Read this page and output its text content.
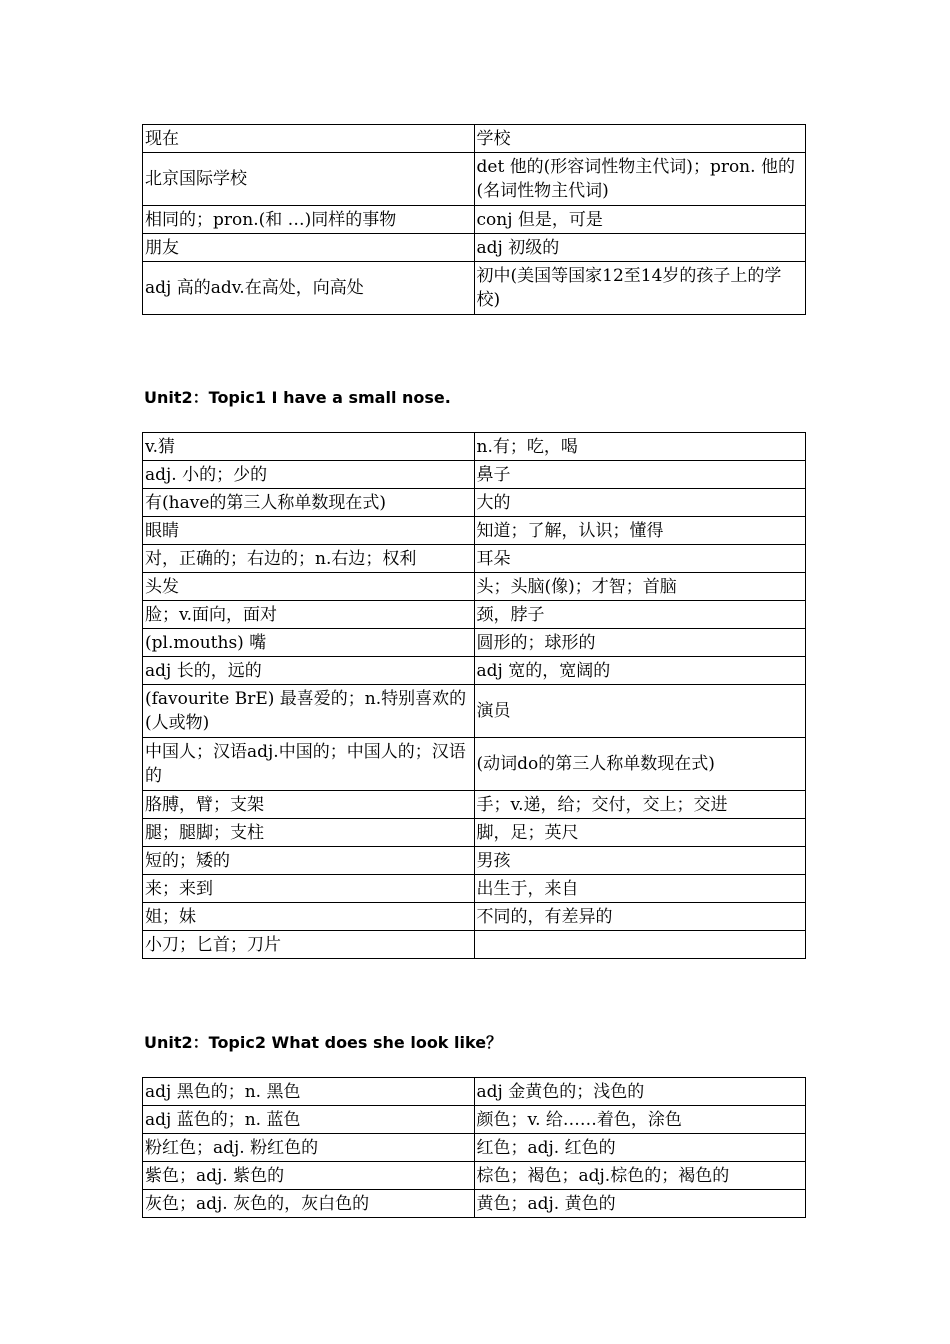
现在	学校
北京国际学校	det 他的(形容词性物主代词)；pron. 他的(名词性物主代词)
相同的；pron.(和 …)同样的事物	conj 但是，可是
朋友	adj 初级的
adj 高的adv.在高处，向高处	初中(美国等国家12至14岁的孩子上的学校)
Unit2：Topic1 I have a small nose.
v.猜	n.有；吃，喝
adj. 小的；少的	鼻子
有(have的第三人称单数现在式)	大的
眼睛	知道；了解，认识；懂得
对，正确的；右边的；n.右边；权利	耳朵
头发	头；头脑(像)；才智；首脑
脸；v.面向，面对	颈，脖子
(pl.mouths) 嘴	圆形的；球形的
adj 长的，远的	adj 宽的，宽阔的
(favourite BrE) 最喜爱的；n.特别喜欢的(人或物)	演员
中国人；汉语adj.中国的；中国人的；汉语的	(动词do的第三人称单数现在式)
胳膊，臂；支架	手；v.递，给；交付，交上；交进
腿；腿脚；支柱	脚，足；英尺
短的；矮的	男孩
来；来到	出生于，来自
姐；妹	不同的，有差异的
小刀；匕首；刀片	
Unit2：Topic2 What does she look like？
adj 黑色的；n. 黑色	adj 金黄色的；浅色的
adj 蓝色的；n. 蓝色	颜色；v. 给……着色，涂色
粉红色；adj. 粉红色的	红色；adj. 红色的
紫色；adj. 紫色的	棕色；褐色；adj.棕色的；褐色的
灰色；adj. 灰色的，灰白色的	黄色；adj. 黄色的
